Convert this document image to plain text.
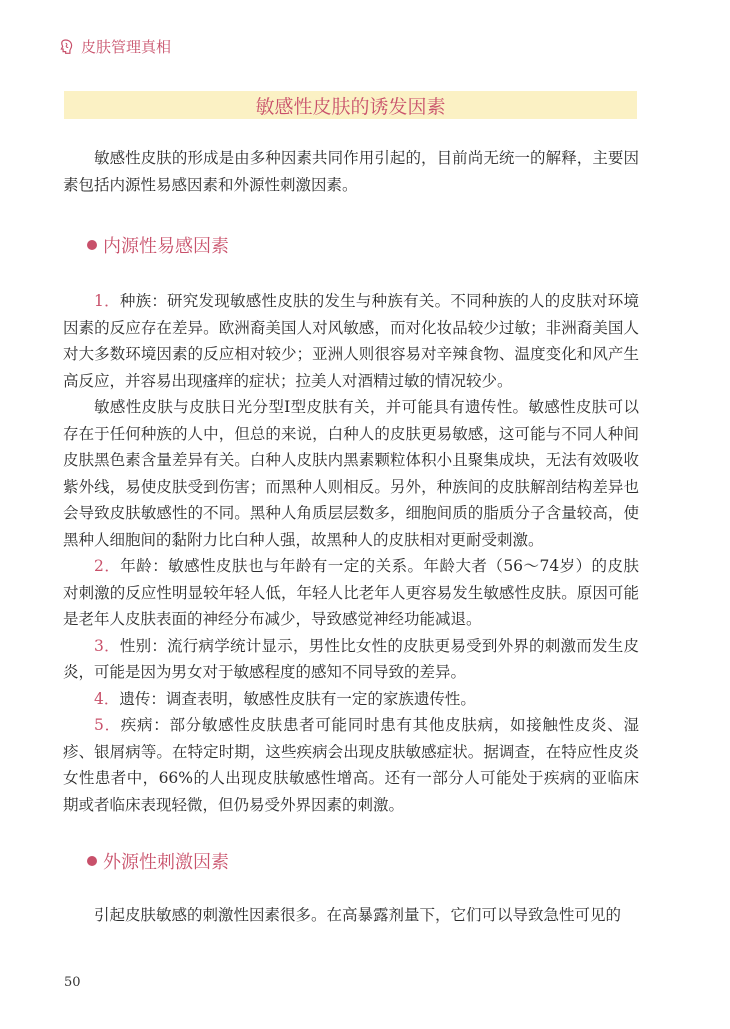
皮肤管理真相
敏感性皮肤的诱发因素

敏感性皮肤的形成是由多种因素共同作用引起的，目前尚无统一的解释，主要因素包括内源性易感因素和外源性刺激因素。

内源性易感因素

1．种族：研究发现敏感性皮肤的发生与种族有关。不同种族的人的皮肤对环境因素的反应存在差异。欧洲裔美国人对风敏感，而对化妆品较少过敏；非洲裔美国人对大多数环境因素的反应相对较少；亚洲人则很容易对辛辣食物、温度变化和风产生高反应，并容易出现瘙痒的症状；拉美人对酒精过敏的情况较少。

敏感性皮肤与皮肤日光分型Ⅰ型皮肤有关，并可能具有遗传性。敏感性皮肤可以存在于任何种族的人中，但总的来说，白种人的皮肤更易敏感，这可能与不同人种间皮肤黑色素含量差异有关。白种人皮肤内黑素颗粒体积小且聚集成块，无法有效吸收紫外线，易使皮肤受到伤害；而黑种人则相反。另外，种族间的皮肤解剖结构差异也会导致皮肤敏感性的不同。黑种人角质层层数多，细胞间质的脂质分子含量较高，使黑种人细胞间的黏附力比白种人强，故黑种人的皮肤相对更耐受刺激。

2．年龄：敏感性皮肤也与年龄有一定的关系。年龄大者（56～74岁）的皮肤对刺激的反应性明显较年轻人低，年轻人比老年人更容易发生敏感性皮肤。原因可能是老年人皮肤表面的神经分布减少，导致感觉神经功能减退。

3．性别：流行病学统计显示，男性比女性的皮肤更易受到外界的刺激而发生皮炎，可能是因为男女对于敏感程度的感知不同导致的差异。

4．遗传：调查表明，敏感性皮肤有一定的家族遗传性。

5．疾病：部分敏感性皮肤患者可能同时患有其他皮肤病，如接触性皮炎、湿疹、银屑病等。在特定时期，这些疾病会出现皮肤敏感症状。据调查，在特应性皮炎女性患者中，66%的人出现皮肤敏感性增高。还有一部分人可能处于疾病的亚临床期或者临床表现轻微，但仍易受外界因素的刺激。

外源性刺激因素

引起皮肤敏感的刺激性因素很多。在高暴露剂量下，它们可以导致急性可见的

50
